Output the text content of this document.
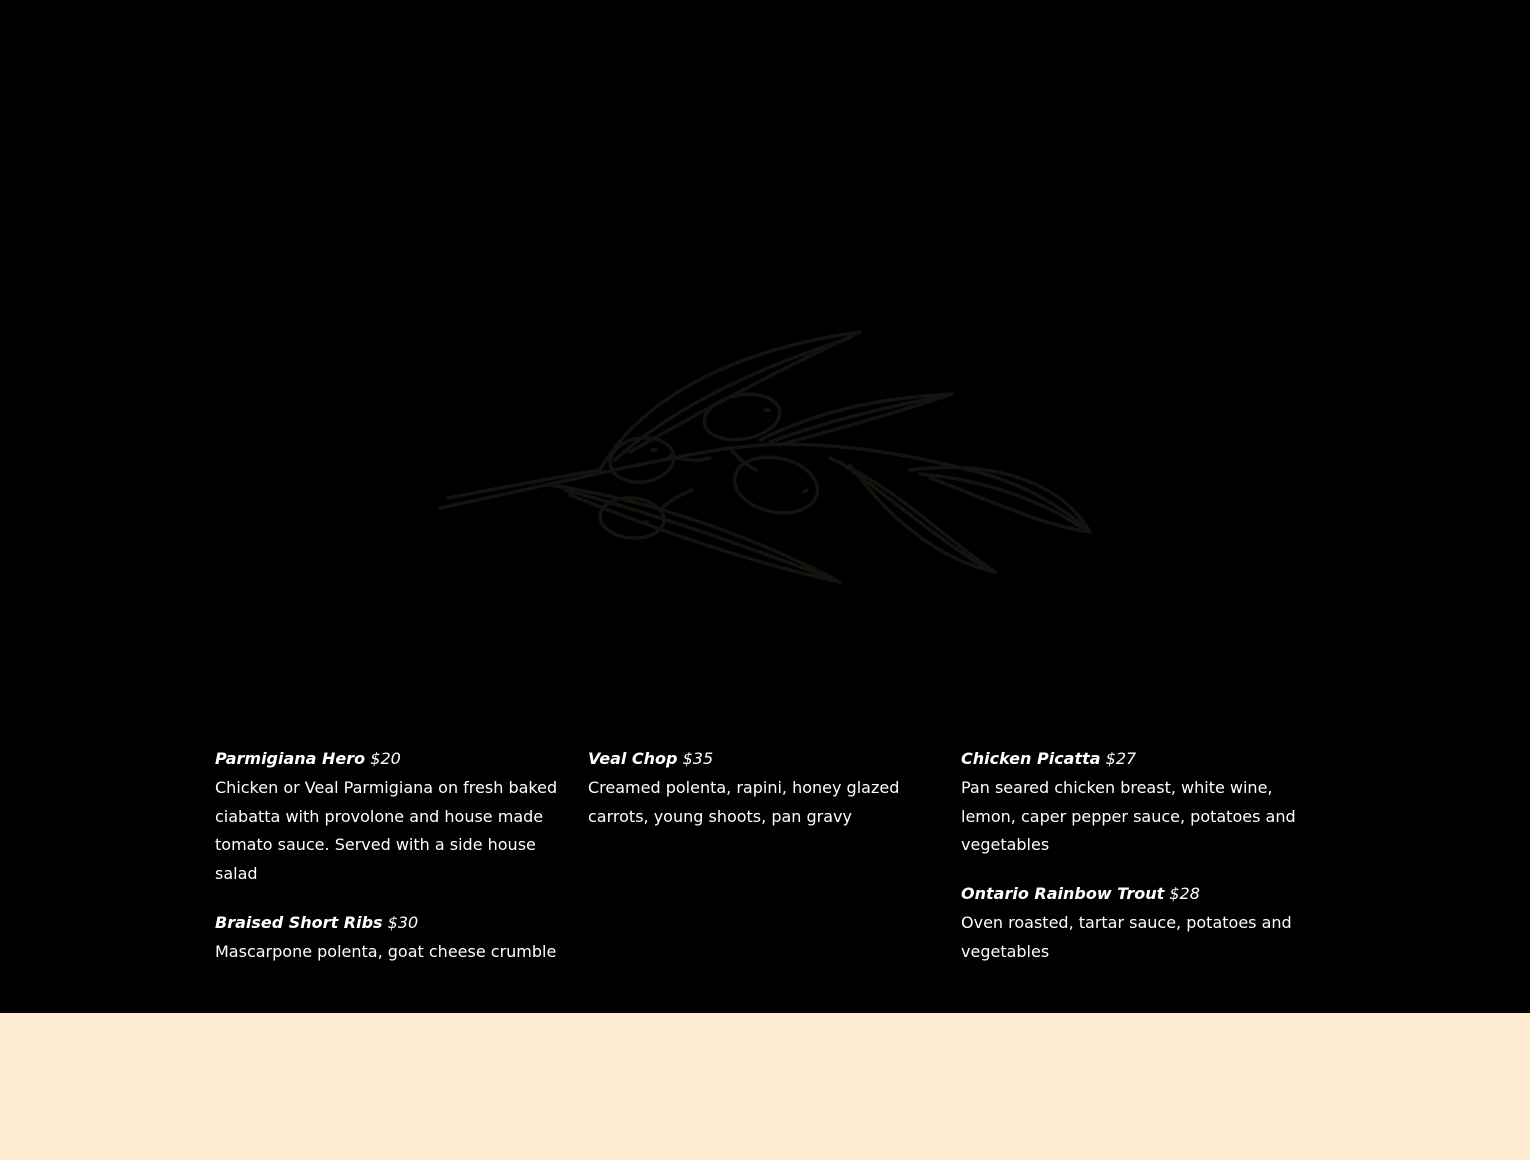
Parmigiana Hero $20
Chicken or Veal Parmigiana on fresh baked ciabatta with provolone and house made tomato sauce. Served with a side house salad
Braised Short Ribs $30
Mascarpone polenta, goat cheese crumble
Veal Chop $35
Creamed polenta, rapini, honey glazed carrots, young shoots, pan gravy
Chicken Picatta $27
Pan seared chicken breast, white wine, lemon, caper pepper sauce, potatoes and vegetables
Ontario Rainbow Trout $28
Oven roasted, tartar sauce, potatoes and vegetables
